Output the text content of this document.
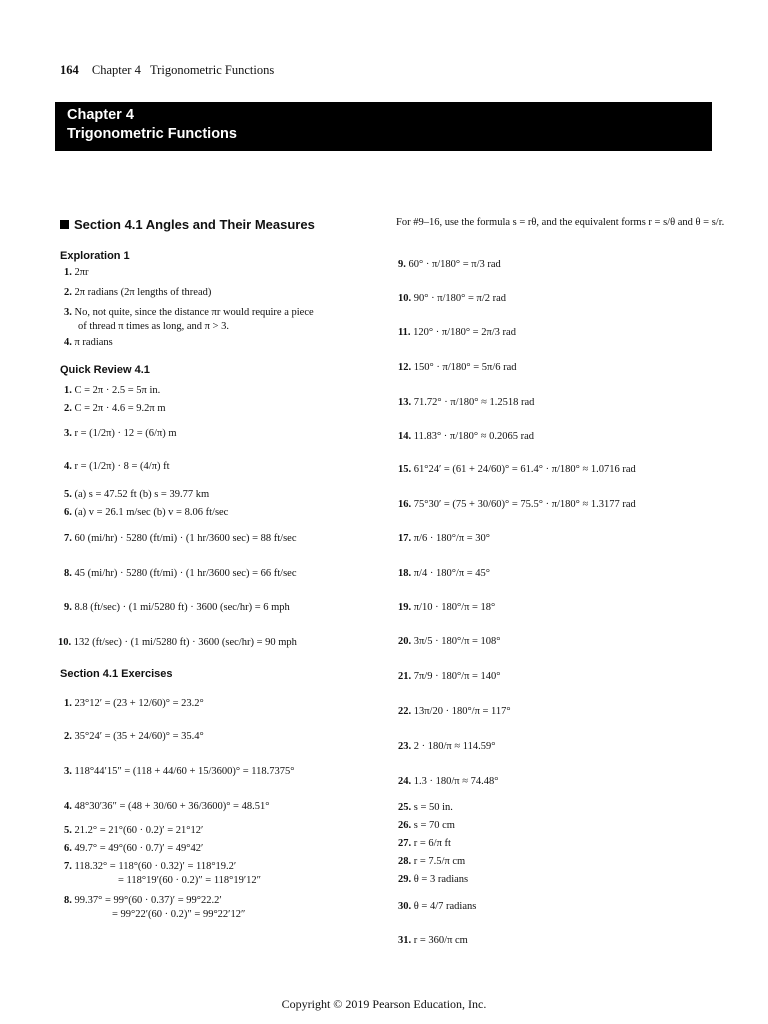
164 Chapter 4 Trigonometric Functions
Chapter 4
Trigonometric Functions
Section 4.1 Angles and Their Measures
Exploration 1
1. 2πr
2. 2π radians (2π lengths of thread)
3. No, not quite, since the distance πr would require a piece
of thread π times as long, and π > 3.
4. π radians
Quick Review 4.1
1. C = 2π · 2.5 = 5π in.
2. C = 2π · 4.6 = 9.2π m
3. r = (1/2π) · 12 = (6/π) m
4. r = (1/2π) · 8 = (4/π) ft
5. (a) s = 47.52 ft (b) s = 39.77 km
6. (a) v = 26.1 m/sec (b) v = 8.06 ft/sec
7. 60 (mi/hr) · 5280 (ft/mi) · (1 hr/3600 sec) = 88 ft/sec
8. 45 (mi/hr) · 5280 (ft/mi) · (1 hr/3600 sec) = 66 ft/sec
9. 8.8 (ft/sec) · (1 mi/5280 ft) · 3600 (sec/hr) = 6 mph
10. 132 (ft/sec) · (1 mi/5280 ft) · 3600 (sec/hr) = 90 mph
Section 4.1 Exercises
1. 23°12′ = (23 + 12/60)° = 23.2°
2. 35°24′ = (35 + 24/60)° = 35.4°
3. 118°44′15″ = (118 + 44/60 + 15/3600)° = 118.7375°
4. 48°30′36″ = (48 + 30/60 + 36/3600)° = 48.51°
5. 21.2° = 21°(60 · 0.2)′ = 21°12′
6. 49.7° = 49°(60 · 0.7)′ = 49°42′
7. 118.32° = 118°(60 · 0.32)′ = 118°19.2′
= 118°19′(60 · 0.2)″ = 118°19′12″
8. 99.37° = 99°(60 · 0.37)′ = 99°22.2′
= 99°22′(60 · 0.2)″ = 99°22′12″
For #9–16, use the formula s = rθ, and the equivalent forms r = s/θ and θ = s/r.
9. 60° · π/180° = π/3 rad
10. 90° · π/180° = π/2 rad
11. 120° · π/180° = 2π/3 rad
12. 150° · π/180° = 5π/6 rad
13. 71.72° · π/180° ≈ 1.2518 rad
14. 11.83° · π/180° ≈ 0.2065 rad
15. 61°24′ = (61 + 24/60)° = 61.4° · π/180° ≈ 1.0716 rad
16. 75°30′ = (75 + 30/60)° = 75.5° · π/180° ≈ 1.3177 rad
17. π/6 · 180°/π = 30°
18. π/4 · 180°/π = 45°
19. π/10 · 180°/π = 18°
20. 3π/5 · 180°/π = 108°
21. 7π/9 · 180°/π = 140°
22. 13π/20 · 180°/π = 117°
23. 2 · 180/π ≈ 114.59°
24. 1.3 · 180/π ≈ 74.48°
25. s = 50 in.
26. s = 70 cm
27. r = 6/π ft
28. r = 7.5/π cm
29. θ = 3 radians
30. θ = 4/7 radians
31. r = 360/π cm
Copyright © 2019 Pearson Education, Inc.
